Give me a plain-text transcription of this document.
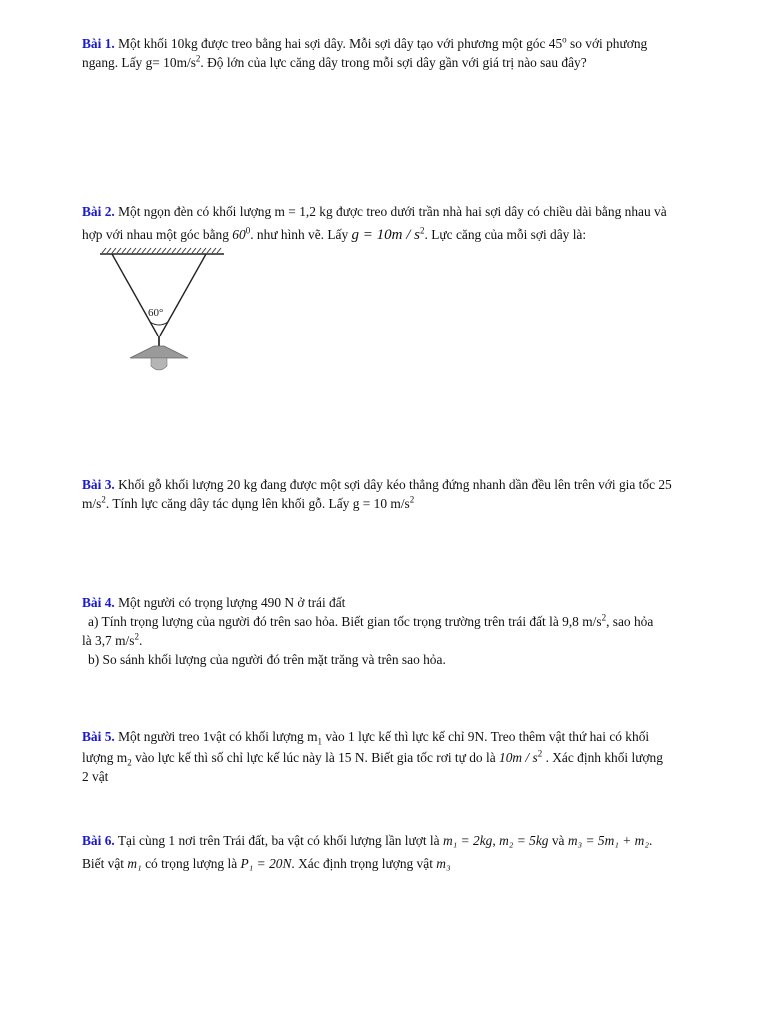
Bài 1. Một khối 10kg được treo bằng hai sợi dây. Mỗi sợi dây tạo với phương một góc 45$^o$ so với phương

ngang. Lấy $g= 10m/s^2$. Độ lớn của lực căng dây trong mỗi sợi dây gần với giá trị nào sau đây?

Bài 2. Một ngọn đèn có khối lượng m = 1,2 kg được treo dưới trần nhà hai sợi dây có chiều dài bằng nhau và

hợp với nhau một góc bằng $60^0$. như hình vẽ. Lấy $g = 10m / s^2$. Lực căng của mỗi sợi dây là:

60°

Bài 3. Khối gỗ khối lượng 20 kg đang được một sợi dây kéo thẳng đứng nhanh dần đều lên trên với gia tốc 25

$m/s^2$. Tính lực căng dây tác dụng lên khối gỗ. Lấy g = 10 $m/s^2$

Bài 4. Một người có trọng lượng 490 N ở trái đất

a) Tính trọng lượng của người đó trên sao hỏa. Biết gian tốc trọng trường trên trái đất là 9,8 $m/s^2$, sao hỏa

là 3,7 $m/s^2$.

b) So sánh khối lượng của người đó trên mặt trăng và trên sao hỏa.

Bài 5. Một người treo 1vật có khối lượng $m_1$ vào 1 lực kế thì lực kế chỉ 9N. Treo thêm vật thứ hai có khối

lượng $m_2$ vào lực kế thì số chỉ lực kế lúc này là 15 N. Biết gia tốc rơi tự do là $10m / s^2$ . Xác định khối lượng

2 vật

Bài 6. Tại cùng 1 nơi trên Trái đất, ba vật có khối lượng lần lượt là m₁ = 2kg, m₂ = 5kg và m₃ = 5m₁ + m₂.

Biết vật m₁ có trọng lượng là P₁ = 20N. Xác định trọng lượng vật m₃
